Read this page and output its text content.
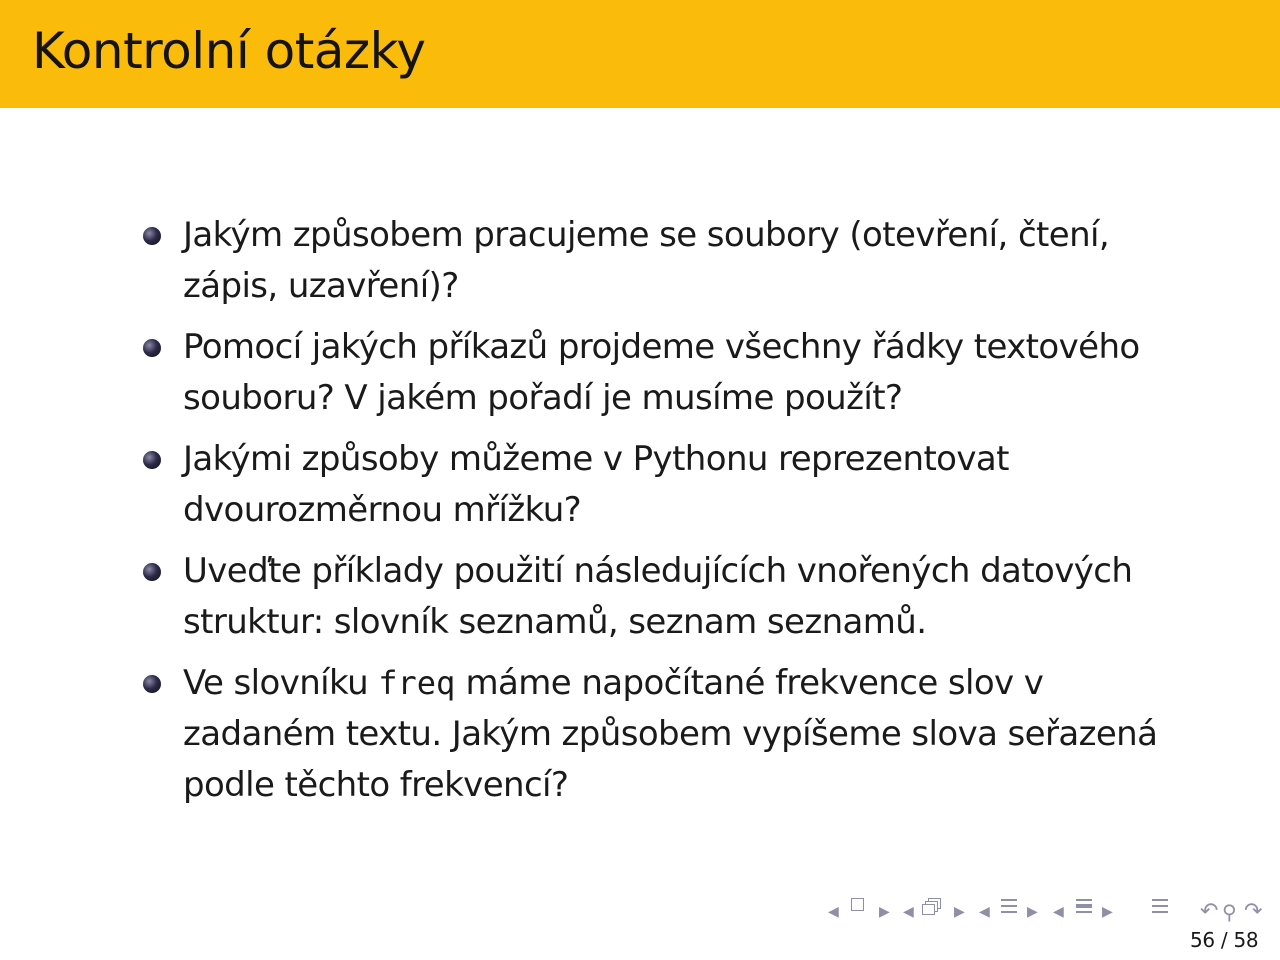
Kontrolní otázky
Jakým způsobem pracujeme se soubory (otevření, čtení, zápis, uzavření)?
Pomocí jakých příkazů projdeme všechny řádky textového souboru? V jakém pořadí je musíme použít?
Jakými způsoby můžeme v Pythonu reprezentovat dvourozměrnou mřížku?
Uveďte příklady použití následujících vnořených datových struktur: slovník seznamů, seznam seznamů.
Ve slovníku freq máme napočítané frekvence slov v zadaném textu. Jakým způsobem vypíšeme slova seřazená podle těchto frekvencí?
◀	▶ ◀	▶ ◀	▶ ◀	▶	↶ ⚲ ↷
56 / 58
